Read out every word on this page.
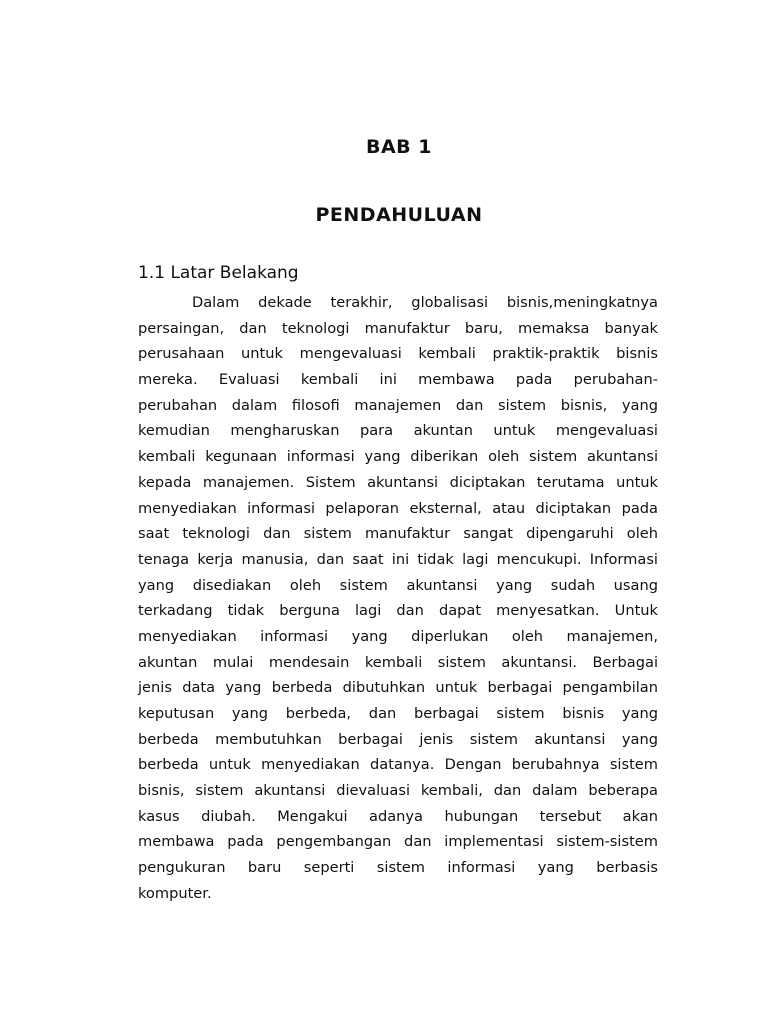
BAB 1
PENDAHULUAN
1.1 Latar Belakang
Dalam dekade terakhir, globalisasi bisnis,meningkatnya
persaingan, dan teknologi manufaktur baru, memaksa banyak
perusahaan untuk mengevaluasi kembali praktik-praktik bisnis
mereka. Evaluasi kembali ini membawa pada perubahan-
perubahan dalam filosofi manajemen dan sistem bisnis, yang
kemudian mengharuskan para akuntan untuk mengevaluasi
kembali kegunaan informasi yang diberikan oleh sistem akuntansi
kepada manajemen. Sistem akuntansi diciptakan terutama untuk
menyediakan informasi pelaporan eksternal, atau diciptakan pada
saat teknologi dan sistem manufaktur sangat dipengaruhi oleh
tenaga kerja manusia, dan saat ini tidak lagi mencukupi. Informasi
yang disediakan oleh sistem akuntansi yang sudah usang
terkadang tidak berguna lagi dan dapat menyesatkan. Untuk
menyediakan informasi yang diperlukan oleh manajemen,
akuntan mulai mendesain kembali sistem akuntansi. Berbagai
jenis data yang berbeda dibutuhkan untuk berbagai pengambilan
keputusan yang berbeda, dan berbagai sistem bisnis yang
berbeda membutuhkan berbagai jenis sistem akuntansi yang
berbeda untuk menyediakan datanya. Dengan berubahnya sistem
bisnis, sistem akuntansi dievaluasi kembali, dan dalam beberapa
kasus diubah. Mengakui adanya hubungan tersebut akan
membawa pada pengembangan dan implementasi sistem-sistem
pengukuran baru seperti sistem informasi yang berbasis
komputer.
